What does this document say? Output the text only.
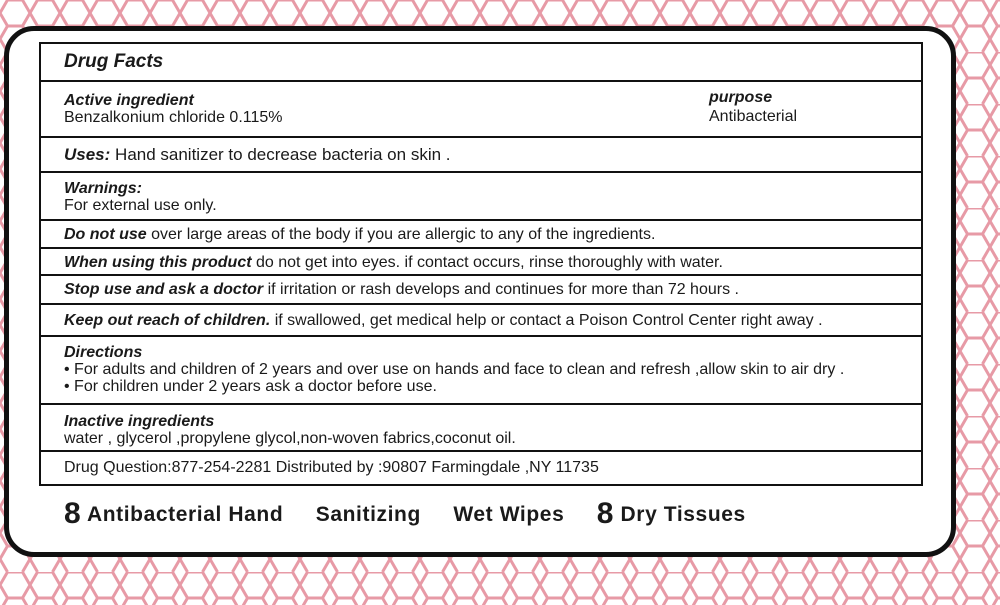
Drug Facts
Active ingredient
Benzalkonium chloride 0.115%
purpose
Antibacterial
Uses: Hand sanitizer to decrease bacteria on skin .
Warnings:
For external use only.
Do not use over large areas of the body if you are allergic to any of the ingredients.
When using this product do not get into eyes. if contact occurs, rinse thoroughly with water.
Stop use and ask a doctor if irritation or rash develops and continues for more than 72 hours .
Keep out reach of children. if swallowed, get medical help or contact a Poison Control Center right away .
Directions
• For adults and children of 2 years and over use on hands and face to clean and refresh ,allow skin to air dry .
• For children under 2 years ask a doctor before use.
Inactive ingredients
water , glycerol ,propylene glycol,non-woven fabrics,coconut oil.
Drug Question:877-254-2281 Distributed by :90807 Farmingdale ,NY 11735
8 Antibacterial Hand Sanitizing Wet Wipes 8 Dry Tissues
